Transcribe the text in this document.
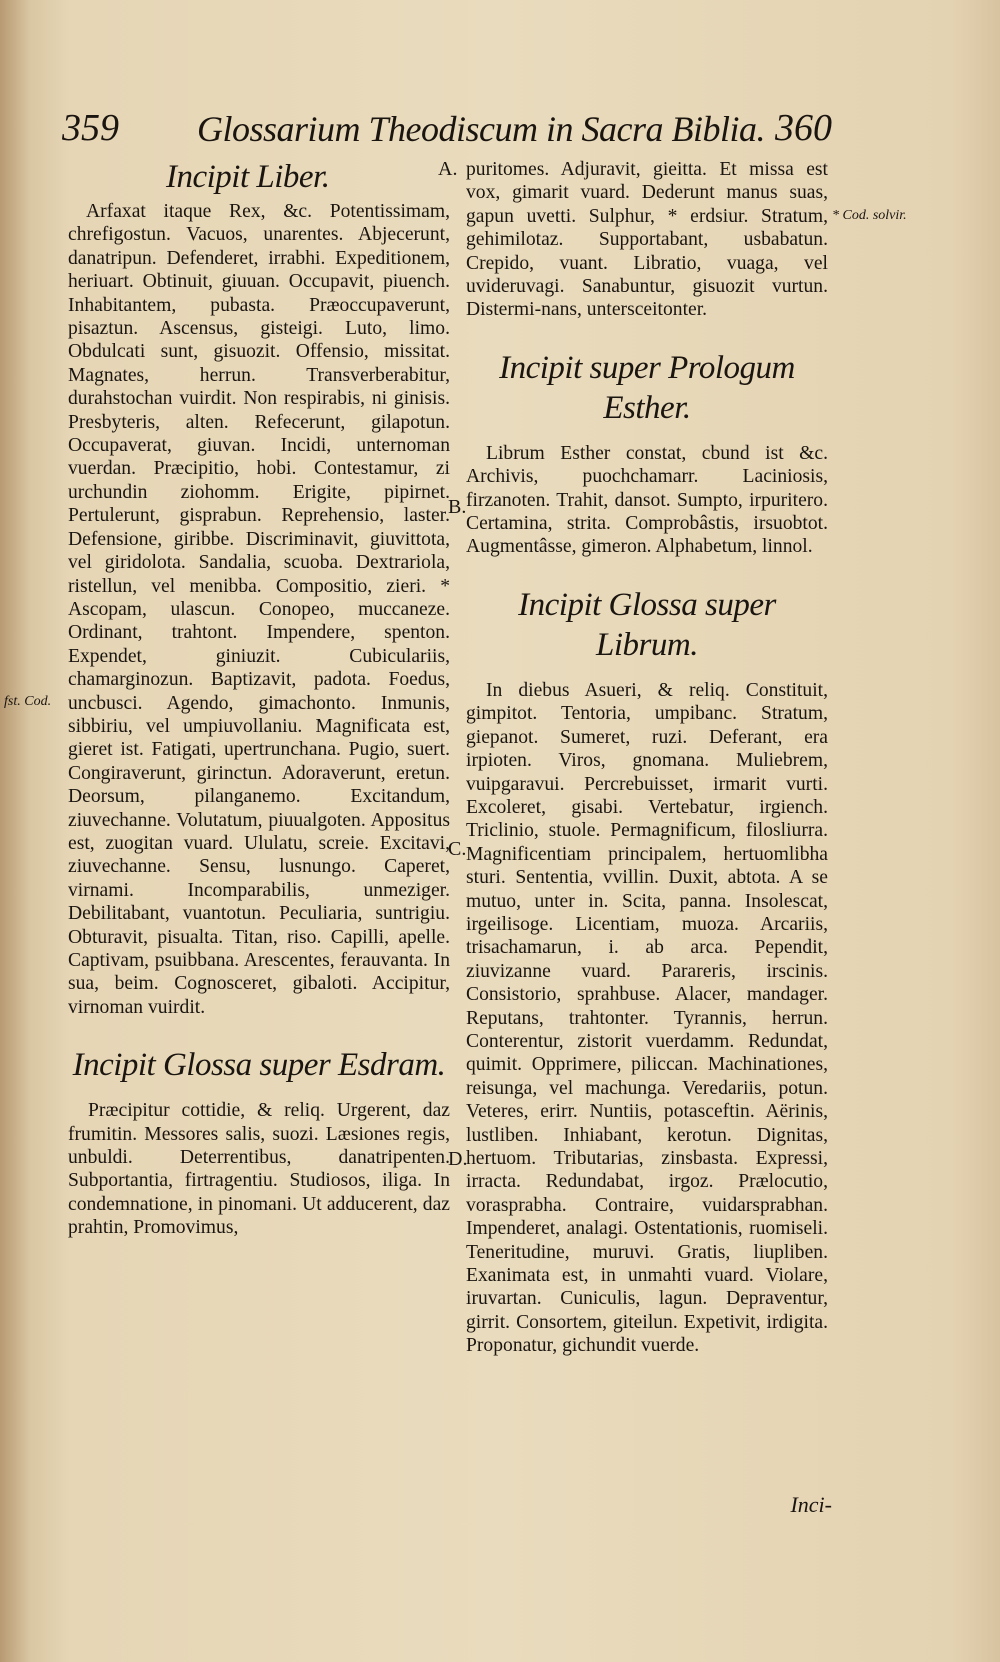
359 Glossarium Theodiscum in Sacra Biblia. 360
Incipit Liber.

Arfaxat itaque Rex, &c. Potentissimam, chrefigostun. Vacuos, unarentes. Abjecerunt, danatripun. Defenderet, irrabhi. Expeditionem, heriuart. Obtinuit, giuuan. Occupavit, piuench. Inhabitantem, pubasta. Præoccupaverunt, pisaztun. Ascensus, gisteigi. Luto, limo. Obdulcati sunt, gisuozit. Offensio, missitat. Magnates, herrun. Transverberabitur, durahstochan vuirdit. Non respirabis, ni ginisis. Presbyteris, alten. Refecerunt, gilapotun. Occupaverat, giuvan. Incidi, unternoman vuerdan. Præcipitio, hobi. Contestamur, zi urchundin ziohomm. Erigite, pipirnet. Pertulerunt, gisprabun. Reprehensio, laster. Defensione, giribbe. Discriminavit, giuvittota, vel giridolota. Sandalia, scuoba. Dextrariola, ristellun, vel menibba. Compositio, zieri. * Ascopam, ulascun. Conopeo, muccaneze. Ordinant, trahtont. Impendere, spenton. Expendet, giniuzit. Cubiculariis, chamarginozun. Baptizavit, padota. Foedus, uncbusci. Agendo, gimachonto. Inmunis, sibbiriu, vel umpiuvollaniu. Magnificata est, gieret ist. Fatigati, upertrunchana. Pugio, suert. Congiraverunt, girinctun. Adoraverunt, eretun. Deorsum, pilanganemo. Excitandum, ziuvechanne. Volutatum, piuualgoten. Appositus est, zuogitan vuard. Ululatu, screie. Excitavi, ziuvechanne. Sensu, lusnungo. Caperet, virnami. Incomparabilis, unmeziger. Debilitabant, vuantotun. Peculiaria, suntrigiu. Obturavit, pisualta. Titan, riso. Capilli, apelle. Captivam, psuibbana. Arescentes, ferauvanta. In sua, beim. Cognosceret, gibaloti. Accipitur, virnoman vuirdit.

Incipit Glossa super Esdram.

Præcipitur cottidie, & reliq. Urgerent, daz frumitin. Messores salis, suozi. Læsiones regis, unbuldi. Deterrentibus, danatripenten. Subportantia, firtragentiu. Studiosos, iliga. In condemnatione, in pinomani. Ut adducerent, daz prahtin, Promovimus,

puritomes. Adjuravit, gieitta. Et missa est vox, gimarit vuard. Dederunt manus suas, gapun uvetti. Sulphur, * erdsiur. Stratum, gehimilotaz. Supportabant, usbabatun. Crepido, vuant. Libratio, vuaga, vel uvideruvagi. Sanabuntur, gisuozit vurtun. Distermi-nans, untersceitonter.

Incipit super Prologum Esther.

Librum Esther constat, cbund ist &c. Archivis, puochchamarr. Laciniosis, firzanoten. Trahit, dansot. Sumpto, irpuritero. Certamina, strita. Comprobâstis, irsuobtot. Augmentâsse, gimeron. Alphabetum, linnol.

Incipit Glossa super Librum.

In diebus Asueri, & reliq. Constituit, gimpitot. Tentoria, umpibanc. Stratum, giepanot. Sumeret, ruzi. Deferant, era irpioten. Viros, gnomana. Muliebrem, vuipgaravui. Percrebuisset, irmarit vurti. Excoleret, gisabi. Vertebatur, irgiench. Triclinio, stuole. Permagnificum, filosliurra. Magnificentiam principalem, hertuomlibha sturi. Sententia, vvillin. Duxit, abtota. A se mutuo, unter in. Scita, panna. Insolescat, irgeilisoge. Licentiam, muoza. Arcariis, trisachamarun, i. ab arca. Pependit, ziuvizanne vuard. Parareris, irscinis. Consistorio, sprahbuse. Alacer, mandager. Reputans, trahtonter. Tyrannis, herrun. Conterentur, zistorit vuerdamm. Redundat, quimit. Opprimere, piliccan. Machinationes, reisunga, vel machunga. Veredariis, potun. Veteres, erirr. Nuntiis, potasceftin. Aërinis, lustliben. Inhiabant, kerotun. Dignitas, hertuom. Tributarias, zinsbasta. Expressi, irracta. Redundabat, irgoz. Prælocutio, vorasprabha. Contraire, vuidarsprabhan. Impenderet, analagi. Ostentationis, ruomiseli. Teneritudine, muruvi. Gratis, liupliben. Exanimata est, in unmahti vuard. Violare, iruvartan. Cuniculis, lagun. Depraventur, girrit. Consortem, giteilun. Expetivit, irdigita. Proponatur, gichundit vuerde.

A.
B.
C.
D.
* Cod. solvir.
fst. Cod.
Inci-
